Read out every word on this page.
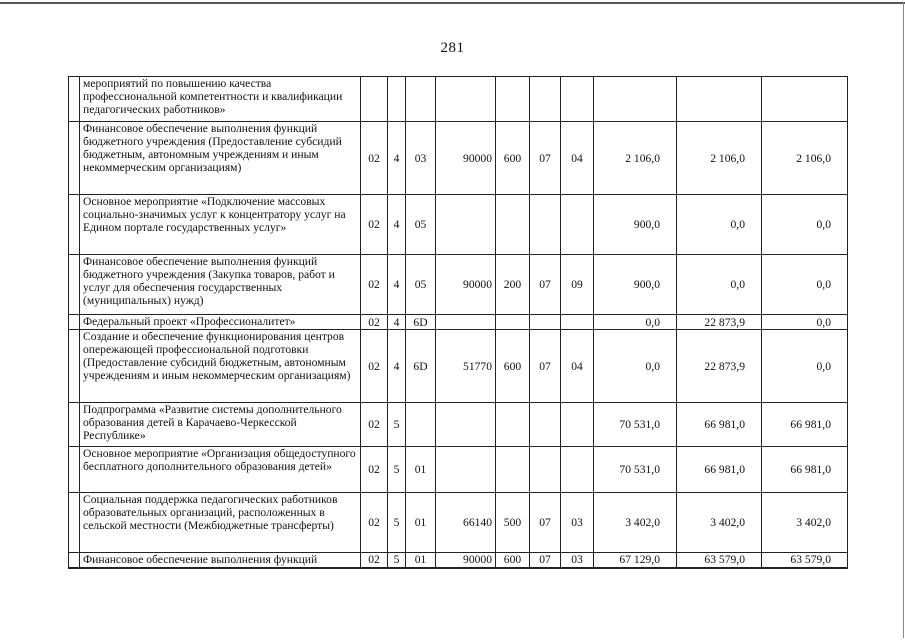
281
	мероприятий по повышению качества профессиональной компетентности и квалификации педагогических работников»										
	Финансовое обеспечение выполнения функций бюджетного учреждения (Предоставление субсидий бюджетным, автономным учреждениям и иным некоммерческим организациям)	02	4	03	90000	600	07	04	2 106,0	2 106,0	2 106,0
	Основное мероприятие «Подключение массовых социально-значимых услуг к концентратору услуг на Едином портале государственных услуг»	02	4	05					900,0	0,0	0,0
	Финансовое обеспечение выполнения функций бюджетного учреждения (Закупка товаров, работ и услуг для обеспечения государственных (муниципальных) нужд)	02	4	05	90000	200	07	09	900,0	0,0	0,0
	Федеральный проект «Профессионалитет»	02	4	6D					0,0	22 873,9	0,0
	Создание и обеспечение функционирования центров опережающей профессиональной подготовки (Предоставление субсидий бюджетным, автономным учреждениям и иным некоммерческим организациям)	02	4	6D	51770	600	07	04	0,0	22 873,9	0,0
	Подпрограмма «Развитие системы дополнительного образования детей в Карачаево-Черкесской Республике»	02	5						70 531,0	66 981,0	66 981,0
	Основное мероприятие «Организация общедоступного бесплатного дополнительного образования детей»	02	5	01					70 531,0	66 981,0	66 981,0
	Социальная поддержка педагогических работников образовательных организаций, расположенных в сельской местности (Межбюджетные трансферты)	02	5	01	66140	500	07	03	3 402,0	3 402,0	3 402,0
	Финансовое обеспечение выполнения функций	02	5	01	90000	600	07	03	67 129,0	63 579,0	63 579,0
